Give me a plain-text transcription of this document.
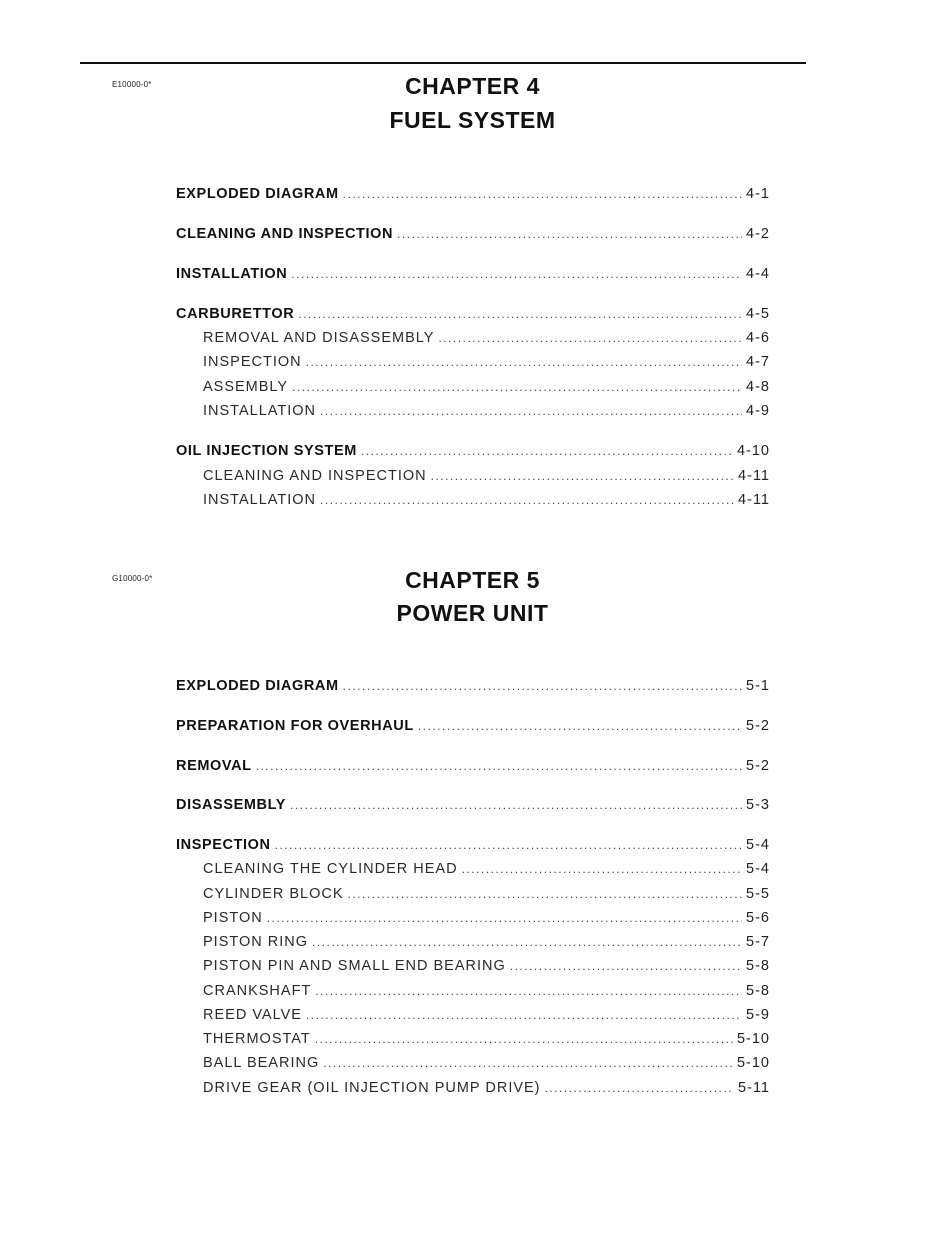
E10000-0*	CHAPTER 4
FUEL SYSTEM
EXPLODED DIAGRAM .....	4-1
CLEANING AND INSPECTION .....	4-2
INSTALLATION .....	4-4
CARBURETTOR .....	4-5
REMOVAL AND DISASSEMBLY .....	4-6
INSPECTION .....	4-7
ASSEMBLY .....	4-8
INSTALLATION .....	4-9
OIL INJECTION SYSTEM .....	4-10
CLEANING AND INSPECTION .....	4-11
INSTALLATION .....	4-11
G10000-0*	CHAPTER 5
POWER UNIT
EXPLODED DIAGRAM .....	5-1
PREPARATION FOR OVERHAUL .....	5-2
REMOVAL .....	5-2
DISASSEMBLY .....	5-3
INSPECTION .....	5-4
CLEANING THE CYLINDER HEAD .....	5-4
CYLINDER BLOCK .....	5-5
PISTON .....	5-6
PISTON RING .....	5-7
PISTON PIN AND SMALL END BEARING .....	5-8
CRANKSHAFT .....	5-8
REED VALVE .....	5-9
THERMOSTAT .....	5-10
BALL BEARING .....	5-10
DRIVE GEAR (OIL INJECTION PUMP DRIVE) .....	5-11
